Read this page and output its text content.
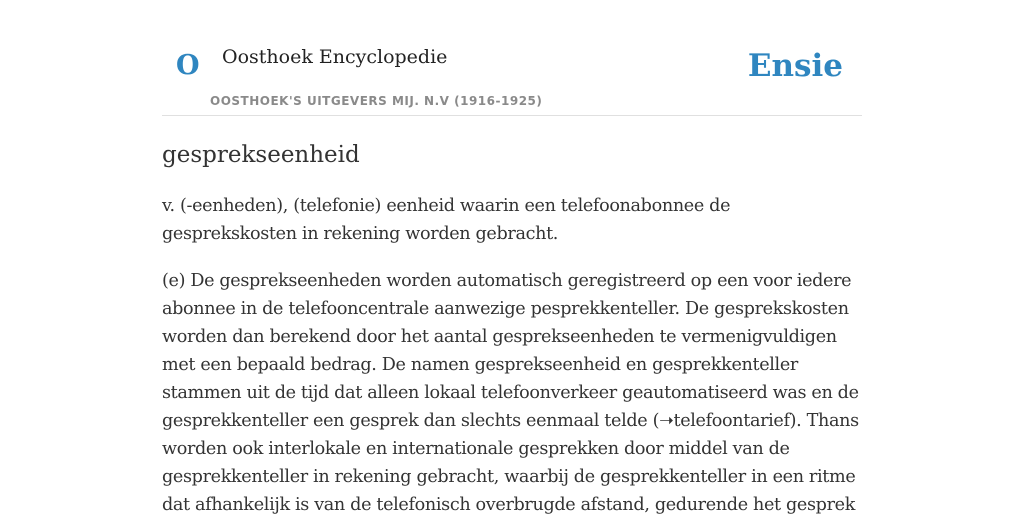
O Oosthoek Encyclopedie
OOSTHOEK'S UITGEVERS MIJ. N.V (1916-1925)
Ensie
gesprekseenheid

v. (-eenheden), (telefonie) eenheid waarin een telefoonabonnee de gesprekskosten in rekening worden gebracht.

(e) De gesprekseenheden worden automatisch geregistreerd op een voor iedere abonnee in de telefooncentrale aanwezige pesprekkenteller. De gesprekskosten worden dan berekend door het aantal gesprekseenheden te vermenigvuldigen met een bepaald bedrag. De namen gesprekseenheid en gesprekkenteller stammen uit de tijd dat alleen lokaal telefoonverkeer geautomatiseerd was en de gesprekkenteller een gesprek dan slechts eenmaal telde (➝telefoontarief). Thans worden ook interlokale en internationale gesprekken door middel van de gesprekkenteller in rekening gebracht, waarbij de gesprekkenteller in een ritme dat afhankelijk is van de telefonisch overbrugde afstand, gedurende het gesprek
